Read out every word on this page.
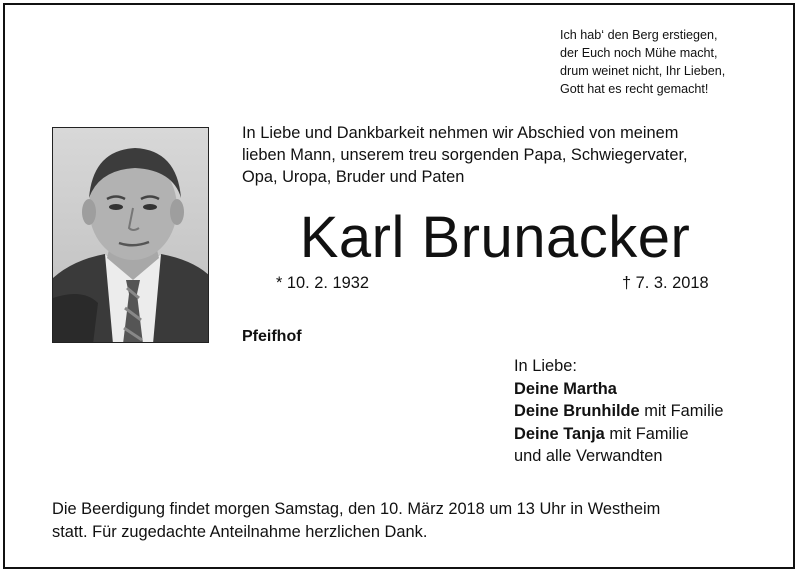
Ich hab‘ den Berg erstiegen,
der Euch noch Mühe macht,
drum weinet nicht, Ihr Lieben,
Gott hat es recht gemacht!
In Liebe und Dankbarkeit nehmen wir Abschied von meinem
lieben Mann, unserem treu sorgenden Papa, Schwiegervater,
Opa, Uropa, Bruder und Paten
Karl Brunacker
* 10. 2. 1932	† 7. 3. 2018
Pfeifhof
In Liebe:
Deine Martha
Deine Brunhilde mit Familie
Deine Tanja mit Familie
und alle Verwandten
Die Beerdigung findet morgen Samstag, den 10. März 2018 um 13 Uhr in Westheim
statt. Für zugedachte Anteilnahme herzlichen Dank.
